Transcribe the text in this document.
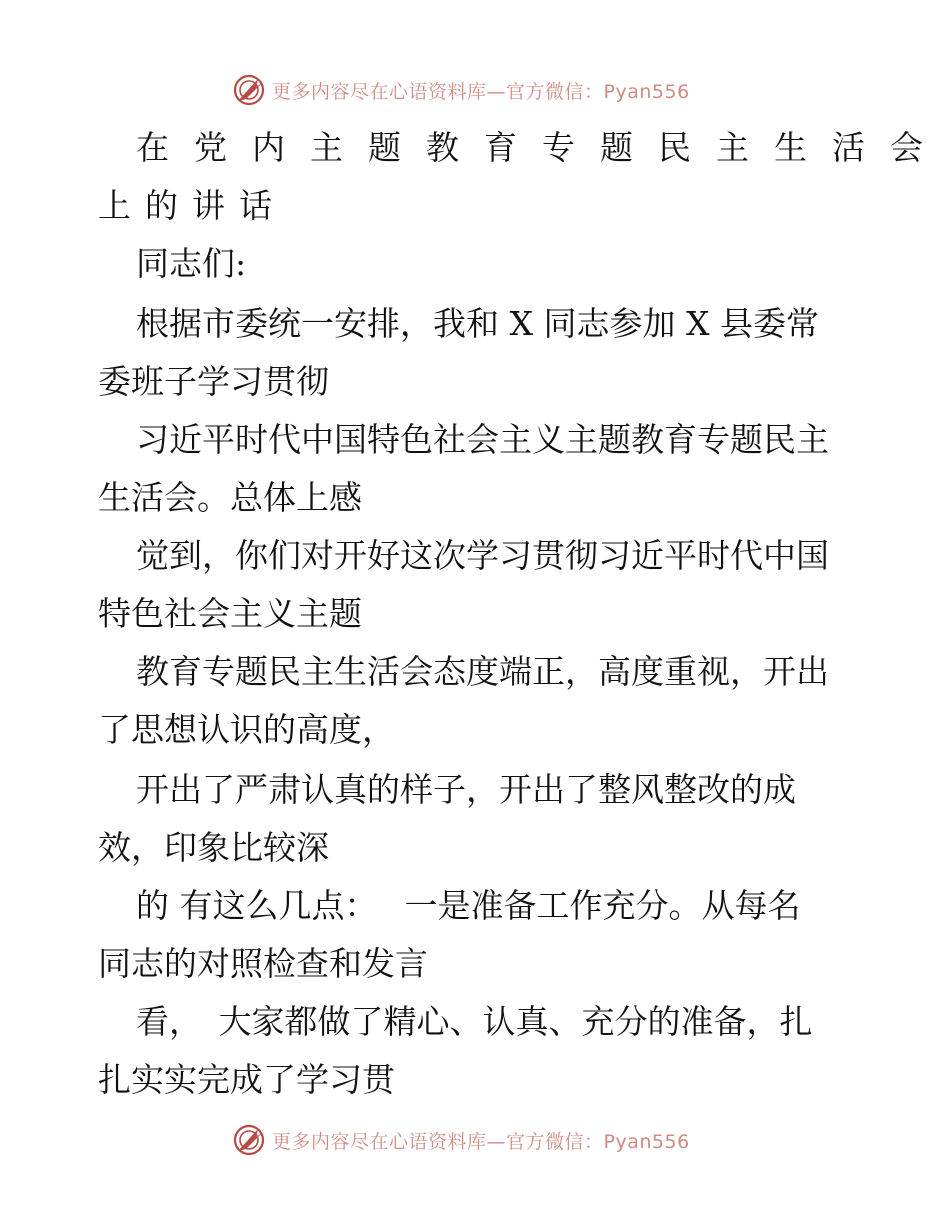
更多内容尽在心语资料库—官方微信：Pyan556
在党内主题教育专题民主生活会
上的讲话
同志们:
根据市委统一安排，我和 X 同志参加 X 县委常
委班子学习贯彻
习近平时代中国特色社会主义主题教育专题民主
生活会。总体上感
觉到，你们对开好这次学习贯彻习近平时代中国
特色社会主义主题
教育专题民主生活会态度端正，高度重视，开出
了思想认识的高度，
开出了严肃认真的样子，开出了整风整改的成
效，印象比较深
的 有这么几点：　 一是准备工作充分。从每名
同志的对照检查和发言
看，　大家都做了精心、认真、充分的准备，扎
扎实实完成了学习贯
更多内容尽在心语资料库—官方微信：Pyan556
